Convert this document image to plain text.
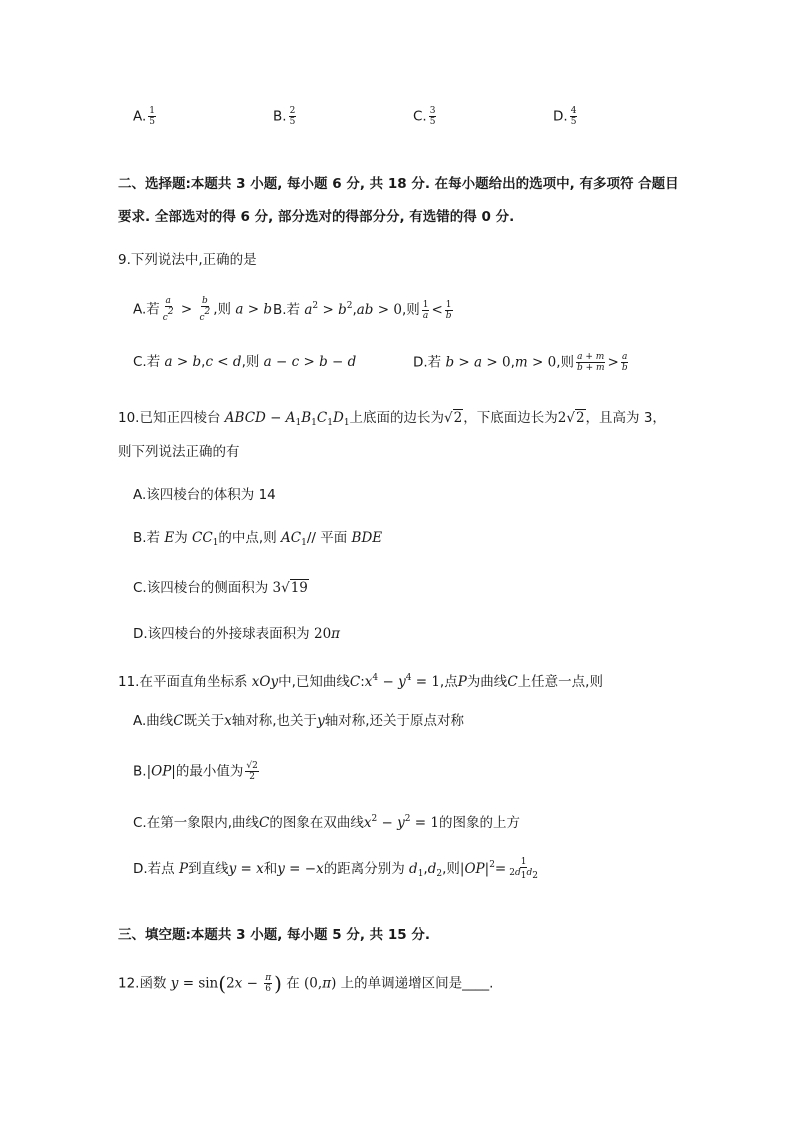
A. $\frac{1}{5}$	B. $\frac{2}{5}$	C. $\frac{3}{5}$	D. $\frac{4}{5}$
二、选择题:本题共 3 小题, 每小题 6 分, 共 18 分. 在每小题给出的选项中, 有多项符 合题目
要求. 全部选对的得 6 分, 部分选对的得部分分, 有选错的得 0 分.
9.下列说法中,正确的是
A.若 $\frac{a}{c^2} > \frac{b}{c^2}$ ,则 a > b B.若 $a^2 > b^2,ab > 0$,则 $\frac{1}{a} < \frac{1}{b}$
C.若 a > b,c < d,则 a − c > b − d	D.若 b > a > 0,m > 0,则 $\frac{a + m}{b + m} > \frac{a}{b}$
10.已知正四棱台 ABCD − $A_1B_1C_1D_1$上底面的边长为√2，下底面边长为2√2，且高为 3，
则下列说法正确的有
A.该四棱台的体积为 14
B.若 E为 $CC_1$的中点,则 $AC_1//$ 平面 BDE
C.该四棱台的侧面积为 3√19
D.该四棱台的外接球表面积为 20π
11.在平面直角坐标系 xOy中,已知曲线$C:x^4 - y^4 = 1$,点P为曲线C上任意一点,则
A.曲线C既关于x轴对称,也关于y轴对称,还关于原点对称
B.|OP|的最小值为 $\frac{√2}{2}$
C.在第一象限内,曲线C的图象在双曲线$x^2 - y^2 = 1$的图象的上方
D.若点 P到直线y = x和y = −x的距离分别为 $d_1,d_2$,则$|OP|^2= \frac{1}{2d_1d_2}$
三、填空题:本题共 3 小题, 每小题 5 分, 共 15 分.
12.函数 $y = \sin(2x - \frac{\pi}{6}$ ) 在 (0,π) 上的单调递增区间是____.
